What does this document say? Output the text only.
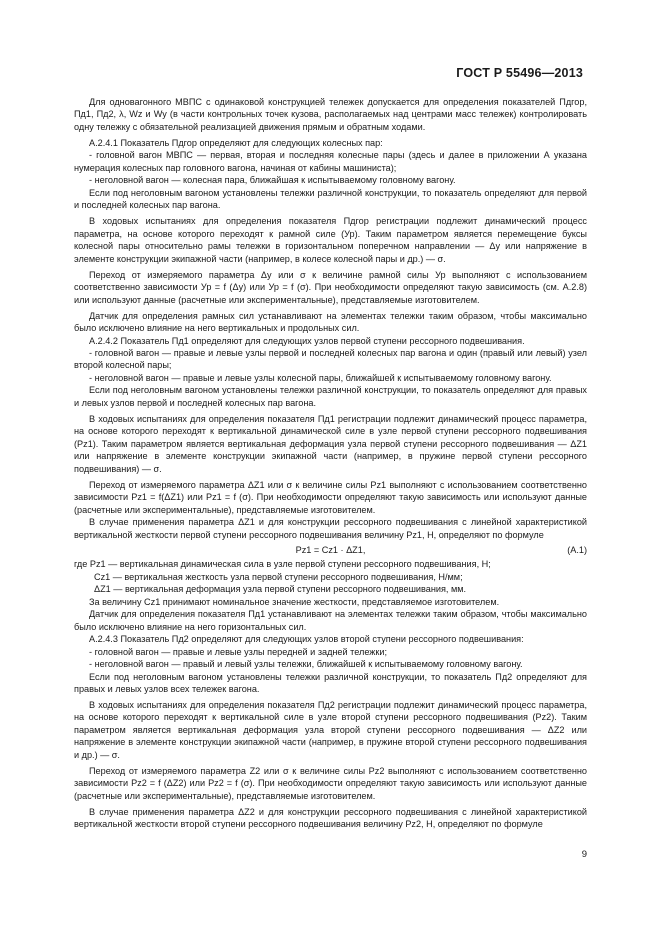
ГОСТ Р 55496—2013

Для одновагонного МВПС с одинаковой конструкцией тележек допускается для определения показателей Пдгор, Пд1, Пд2, λ, Wz и Wy (в части контрольных точек кузова, располагаемых над центрами масс тележек) контролировать одну тележку с обязательной реализацией движения прямым и обратным ходами.

А.2.4.1 Показатель Пдгор определяют для следующих колесных пар:

- головной вагон МВПС — первая, вторая и последняя колесные пары (здесь и далее в приложении А указана нумерация колесных пар головного вагона, начиная от кабины машиниста);

- неголовной вагон — колесная пара, ближайшая к испытываемому головному вагону.

Если под неголовным вагоном установлены тележки различной конструкции, то показатель определяют для первой и последней колесных пар вагона.

В ходовых испытаниях для определения показателя Пдгор регистрации подлежит динамический процесс параметра, на основе которого переходят к рамной силе (Ур). Таким параметром является перемещение буксы колесной пары относительно рамы тележки в горизонтальном поперечном направлении — Δу или напряжение в элементе конструкции экипажной части (например, в колесе колесной пары и др.) — σ.

Переход от измеряемого параметра Δу или σ к величине рамной силы Ур выполняют с использованием соответственно зависимости Ур = f (Δу) или Ур = f (σ). При необходимости определяют такую зависимость (см. А.2.8) или используют данные (расчетные или экспериментальные), представляемые изготовителем.

Датчик для определения рамных сил устанавливают на элементах тележки таким образом, чтобы максимально было исключено влияние на него вертикальных и продольных сил.

А.2.4.2 Показатель Пд1 определяют для следующих узлов первой ступени рессорного подвешивания.

- головной вагон — правые и левые узлы первой и последней колесных пар вагона и один (правый или левый) узел второй колесной пары;

- неголовной вагон — правые и левые узлы колесной пары, ближайшей к испытываемому головному вагону.

Если под неголовным вагоном установлены тележки различной конструкции, то показатель определяют для правых и левых узлов первой и последней колесных пар вагона.

В ходовых испытаниях для определения показателя Пд1 регистрации подлежит динамический процесс параметра, на основе которого переходят к вертикальной динамической силе в узле первой ступени рессорного подвешивания (Рz1). Таким параметром является вертикальная деформация узла первой ступени рессорного подвешивания — ΔZ1 или напряжение в элементе конструкции экипажной части (например, в пружине первой ступени рессорного подвешивания) — σ.

Переход от измеряемого параметра ΔZ1 или σ к величине силы Рz1 выполняют с использованием соответственно зависимости Рz1 = f(ΔZ1) или Рz1 = f (σ). При необходимости определяют такую зависимость или используют данные (расчетные или экспериментальные), представляемые изготовителем.

В случае применения параметра ΔZ1 и для конструкции рессорного подвешивания с линейной характеристикой вертикальной жесткости первой ступени рессорного подвешивания величину Рz1, Н, определяют по формуле

Рz1 = Сz1 · ΔZ1,	(А.1)
где Рz1 — вертикальная динамическая сила в узле первой ступени рессорного подвешивания, Н;
Сz1 — вертикальная жесткость узла первой ступени рессорного подвешивания, Н/мм;
ΔZ1 — вертикальная деформация узла первой ступени рессорного подвешивания, мм.

За величину Сz1 принимают номинальное значение жесткости, представляемое изготовителем.

Датчик для определения показателя Пд1 устанавливают на элементах тележки таким образом, чтобы максимально было исключено влияние на него горизонтальных сил.

А.2.4.3 Показатель Пд2 определяют для следующих узлов второй ступени рессорного подвешивания:

- головной вагон — правые и левые узлы передней и задней тележки;

- неголовной вагон — правый и левый узлы тележки, ближайшей к испытываемому головному вагону.

Если под неголовным вагоном установлены тележки различной конструкции, то показатель Пд2 определяют для правых и левых узлов всех тележек вагона.

В ходовых испытаниях для определения показателя Пд2 регистрации подлежит динамический процесс параметра, на основе которого переходят к вертикальной силе в узле второй ступени рессорного подвешивания (Рz2). Таким параметром является вертикальная деформация узла второй ступени рессорного подвешивания — ΔZ2 или напряжение в элементе конструкции экипажной части (например, в пружине второй ступени рессорного подвешивания и др.) — σ.

Переход от измеряемого параметра Z2 или σ к величине силы Рz2 выполняют с использованием соответственно зависимости Рz2 = f (ΔZ2) или Рz2 = f (σ). При необходимости определяют такую зависимость или используют данные (расчетные или экспериментальные), представляемые изготовителем.

В случае применения параметра ΔZ2 и для конструкции рессорного подвешивания с линейной характеристикой вертикальной жесткости второй ступени рессорного подвешивания величину Рz2, Н, определяют по формуле

9
